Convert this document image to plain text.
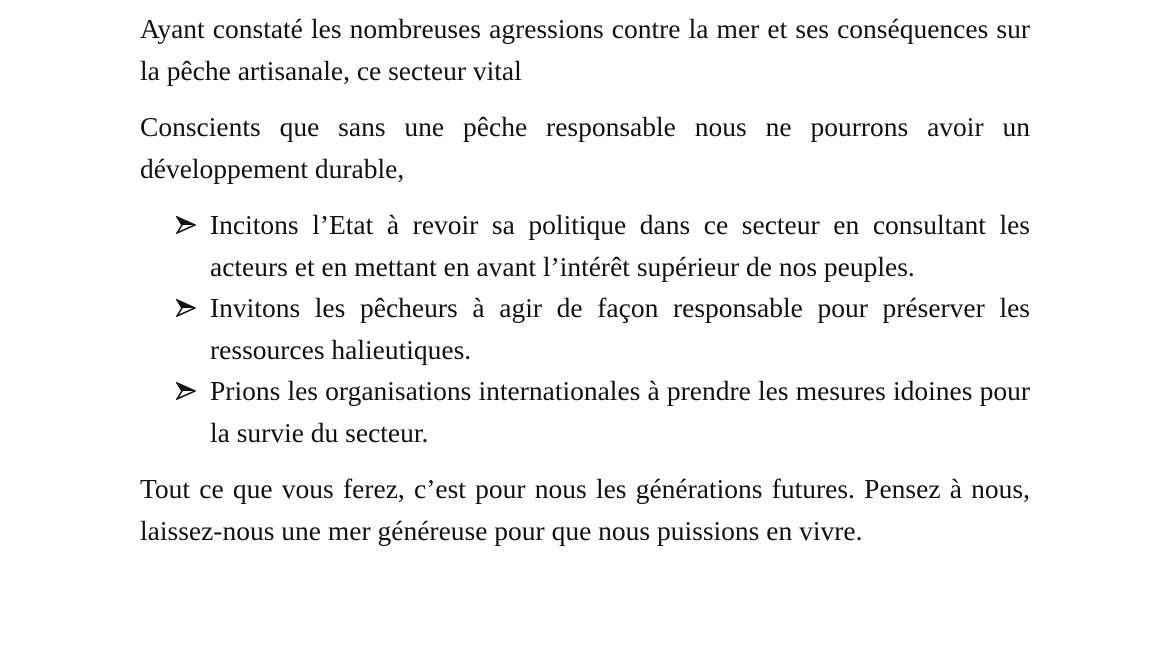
Ayant constaté les nombreuses agressions contre la mer et ses conséquences sur la pêche artisanale, ce secteur vital

Conscients que sans une pêche responsable nous ne pourrons avoir un développement durable,

Incitons l’Etat à revoir sa politique dans ce secteur en consultant les acteurs et en mettant en avant l’intérêt supérieur de nos peuples.
Invitons les pêcheurs à agir de façon responsable pour préserver les ressources halieutiques.
Prions les organisations internationales à prendre les mesures idoines pour la survie du secteur.

Tout ce que vous ferez, c’est pour nous les générations futures. Pensez à nous, laissez-nous une mer généreuse pour que nous puissions en vivre.
